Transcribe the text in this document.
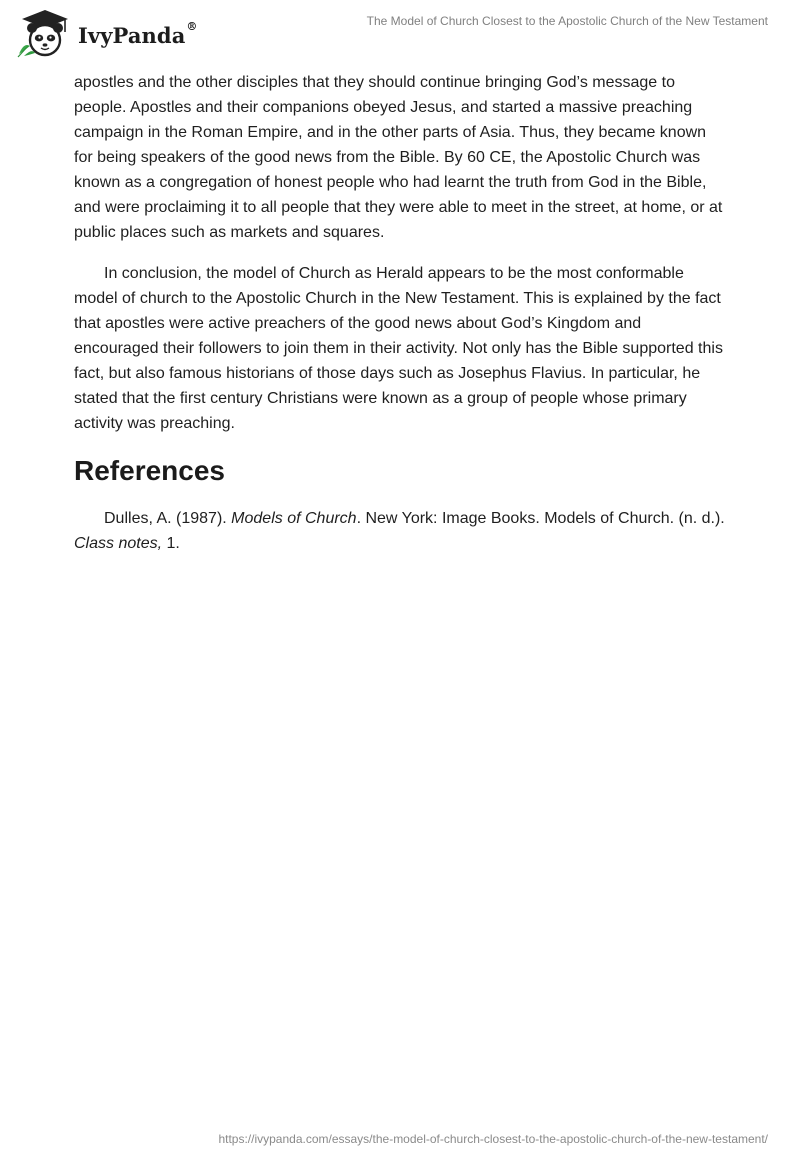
IvyPanda®	The Model of Church Closest to the Apostolic Church of the New Testament

apostles and the other disciples that they should continue bringing God’s message to people. Apostles and their companions obeyed Jesus, and started a massive preaching campaign in the Roman Empire, and in the other parts of Asia. Thus, they became known for being speakers of the good news from the Bible. By 60 CE, the Apostolic Church was known as a congregation of honest people who had learnt the truth from God in the Bible, and were proclaiming it to all people that they were able to meet in the street, at home, or at public places such as markets and squares.

In conclusion, the model of Church as Herald appears to be the most conformable model of church to the Apostolic Church in the New Testament. This is explained by the fact that apostles were active preachers of the good news about God’s Kingdom and encouraged their followers to join them in their activity. Not only has the Bible supported this fact, but also famous historians of those days such as Josephus Flavius. In particular, he stated that the first century Christians were known as a group of people whose primary activity was preaching.

References

Dulles, A. (1987). Models of Church. New York: Image Books. Models of Church. (n. d.). Class notes, 1.

https://ivypanda.com/essays/the-model-of-church-closest-to-the-apostolic-church-of-the-new-testament/
